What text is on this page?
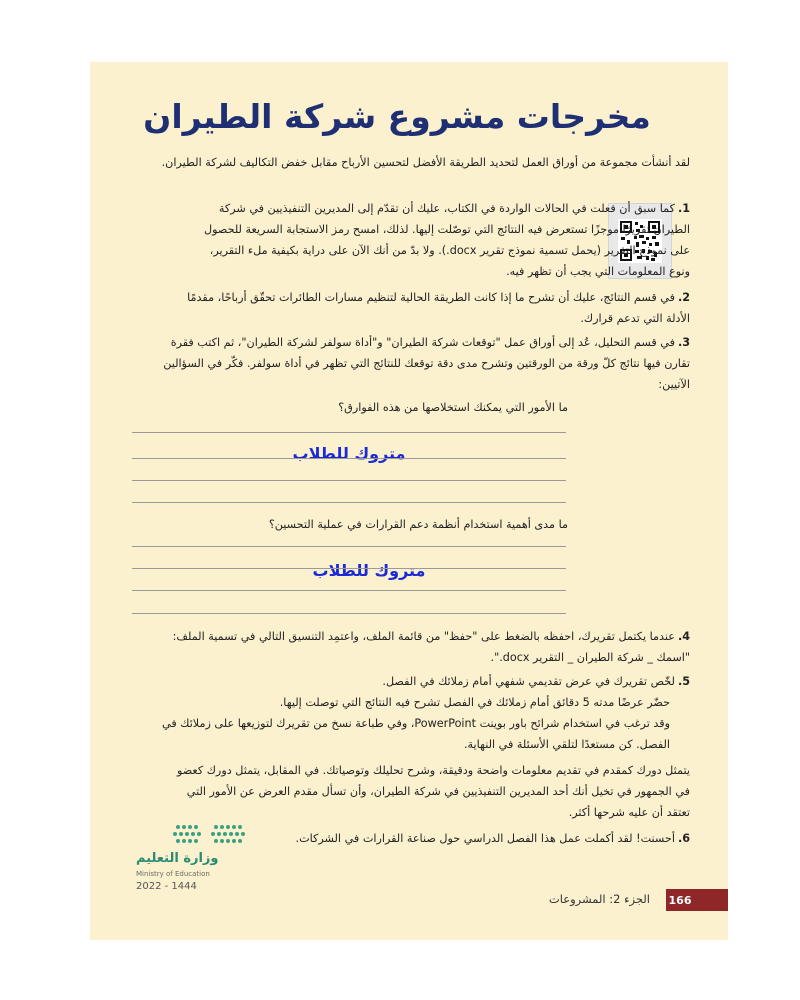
مخرجات مشروع شركة الطيران
لقد أنشأت مجموعة من أوراق العمل لتحديد الطريقة الأفضل لتحسين الأرباح مقابل خفض التكاليف لشركة الطيران.
1.كما سبق أن فعلت في الحالات الواردة في الكتاب، عليك أن تقدّم إلى المديرين التنفيذيين في شركة الطيران تقريرًا موجزًا تستعرض فيه النتائج التي توصّلت إليها. لذلك، امسح رمز الاستجابة السريعة للحصول على نموذج التقرير (يحمل تسمية نموذج تقرير docx.). ولا بدّ من أنك الآن على دراية بكيفية ملء التقرير، ونوع المعلومات التي يجب أن تظهر فيه.
2.في قسم النتائج، عليك أن تشرح ما إذا كانت الطريقة الحالية لتنظيم مسارات الطائرات تحقّق أرباحًا، مقدمًا الأدلة التي تدعم قرارك.
3.في قسم التحليل، عُد إلى أوراق عمل "توقعات شركة الطيران" و"أداة سولفر لشركة الطيران"، ثم اكتب فقرة تقارن فيها نتائج كلّ ورقة من الورقتين وتشرح مدى دقة توقعك للنتائج التي تظهر في أداة سولفر. فكّر في السؤالين الآتيين:
ما الأمور التي يمكنك استخلاصها من هذه الفوارق؟
متروك للطلاب
ما مدى أهمية استخدام أنظمة دعم القرارات في عملية التحسين؟
متروك للطلاب
4.عندما يكتمل تقريرك، احفظه بالضغط على "حفظ" من قائمة الملف، واعتمِد التنسيق التالي في تسمية الملف: "اسمك _ شركة الطيران _ التقرير docx.".
5.لخّص تقريرك في عرض تقديمي شفهي أمام زملائك في الفصل.
حضّر عرضًا مدته 5 دقائق أمام زملائك في الفصل تشرح فيه النتائج التي توصلت إليها.
وقد ترغب في استخدام شرائح باور بوينت PowerPoint، وفي طباعة نسخ من تقريرك لتوزيعها على زملائك في الفصل. كن مستعدًا لتلقي الأسئلة في النهاية.
يتمثل دورك كمقدم في تقديم معلومات واضحة ودقيقة، وشرح تحليلك وتوصياتك. في المقابل، يتمثل دورك كعضو في الجمهور في تخيل أنك أحد المديرين التنفيذيين في شركة الطيران، وأن تسأل مقدم العرض عن الأمور التي تعتقد أن عليه شرحها أكثر.
6.أحسنت! لقد أكملت عمل هذا الفصل الدراسي حول صناعة القرارات في الشركات.
وزارة التعليم
Ministry of Education
2022 - 1444
166
الجزء 2: المشروعات
